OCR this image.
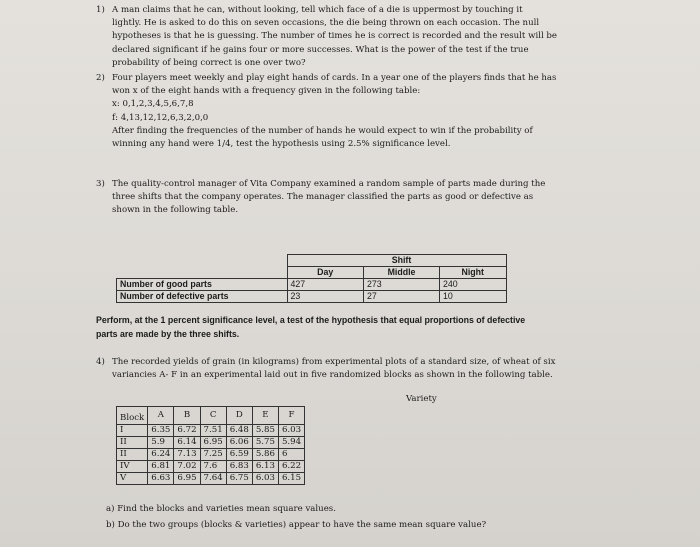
1) A man claims that he can, without looking, tell which face of a die is uppermost by touching it

lightly. He is asked to do this on seven occasions, the die being thrown on each occasion. The null

hypotheses is that he is guessing. The number of times he is correct is recorded and the result will be

declared significant if he gains four or more successes. What is the power of the test if the true

probability of being correct is one over two?

2) Four players meet weekly and play eight hands of cards. In a year one of the players finds that he has

won x of the eight hands with a frequency given in the following table:

x: 0,1,2,3,4,5,6,7,8

f: 4,13,12,12,6,3,2,0,0

After finding the frequencies of the number of hands he would expect to win if the probability of

winning any hand were 1/4, test the hypothesis using 2.5% significance level.

3) The quality-control manager of Vita Company examined a random sample of parts made during the

three shifts that the company operates. The manager classified the parts as good or defective as

shown in the following table.

		Shift	
	Day	Middle	Night
Number of good parts	427	273	240
Number of defective parts	23	27	10

Perform, at the 1 percent significance level, a test of the hypothesis that equal proportions of defective

parts are made by the three shifts.

4) The recorded yields of grain (in kilograms) from experimental plots of a standard size, of wheat of six

variancies A- F in an experimental laid out in five randomized blocks as shown in the following table.

Variety
Block	A	B	C	D	E	F
I	6.35	6.72	7.51	6.48	5.85	6.03
II	5.9	6.14	6.95	6.06	5.75	5.94
II	6.24	7.13	7.25	6.59	5.86	6
IV	6.81	7.02	7.6	6.83	6.13	6.22
V	6.63	6.95	7.64	6.75	6.03	6.15
a) Find the blocks and varieties mean square values.
b) Do the two groups (blocks & varieties) appear to have the same mean square value?
